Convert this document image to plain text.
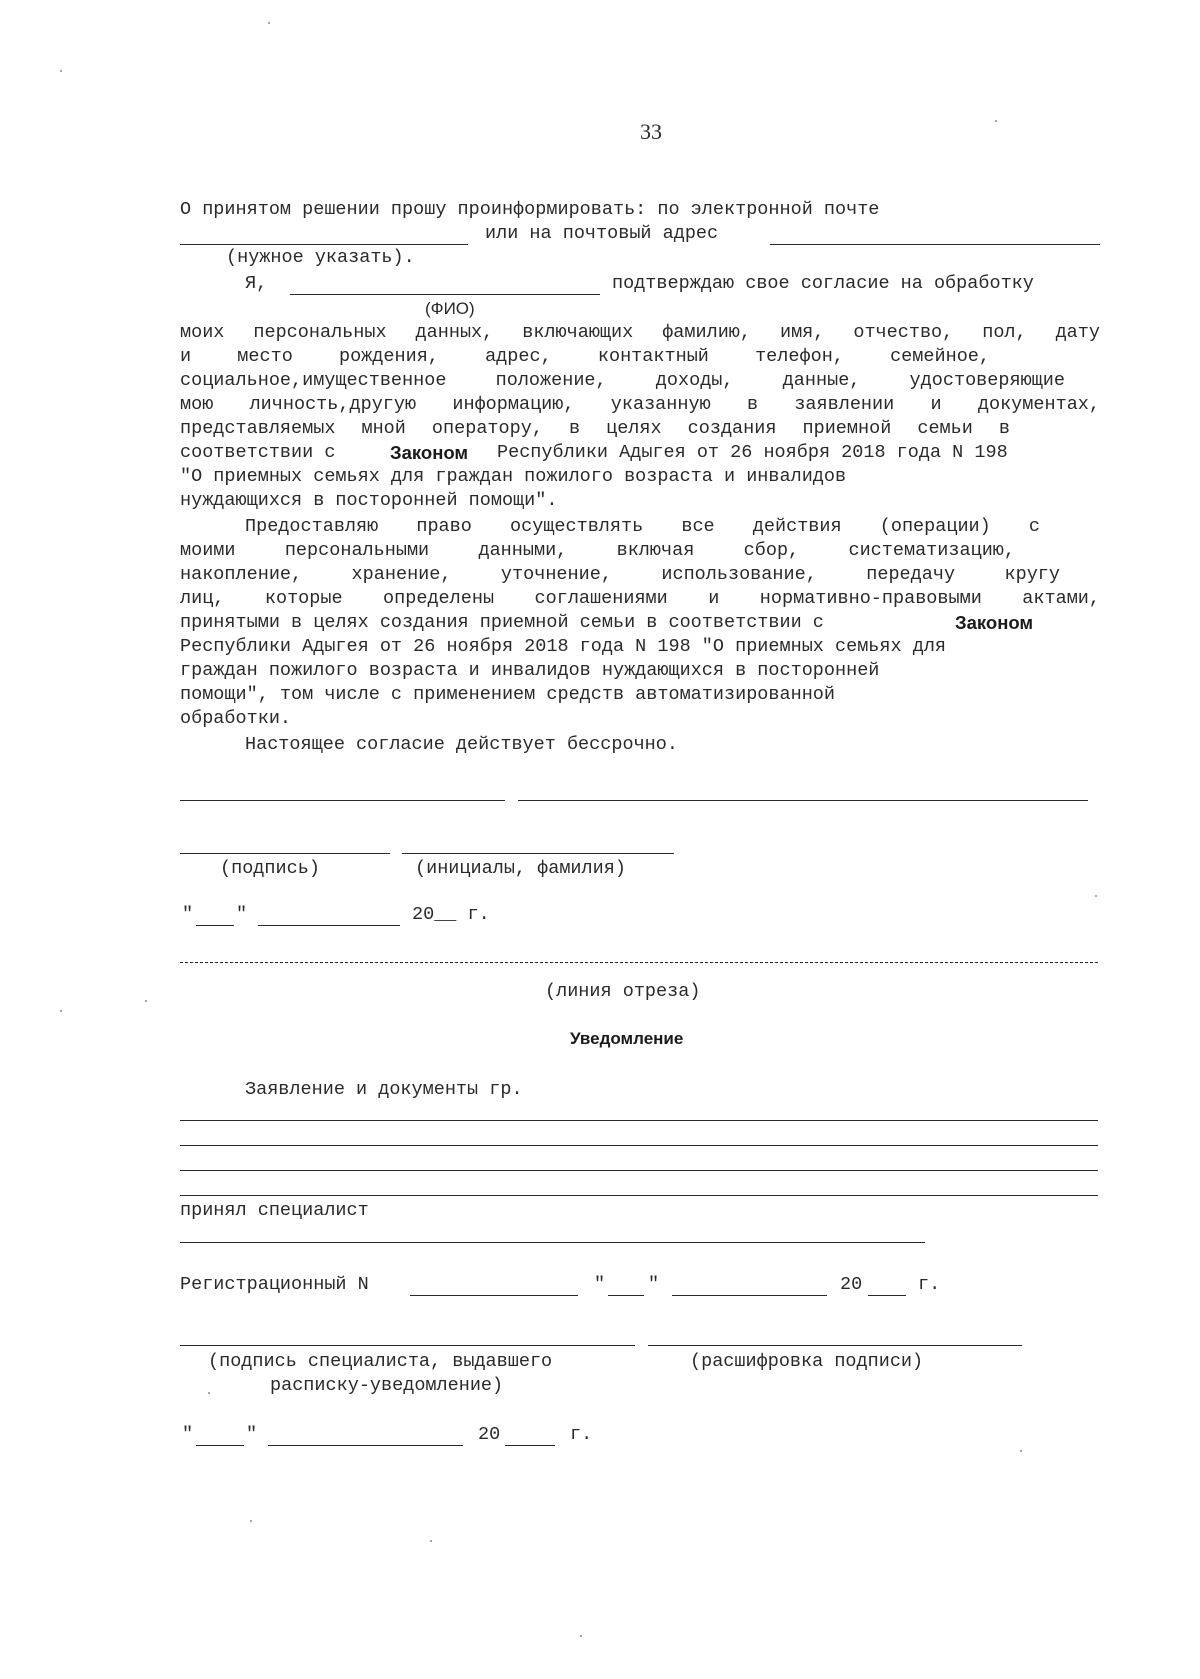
33
О принятом решении прошу проинформировать: по электронной почте
или на почтовый адрес
(нужное указать).
Я,	подтверждаю свое согласие на обработку
(ФИО)
моих персональных данных, включающих фамилию, имя, отчество, пол, дату
и место рождения, адрес, контактный телефон, семейное,
социальное,имущественное положение, доходы, данные, удостоверяющие
мою личность,другую информацию, указанную в заявлении и документах,
представляемых мной оператору, в целях создания приемной семьи в
соответствии с	Законом Республики Адыгея от 26 ноября 2018 года N 198
"О приемных семьях для граждан пожилого возраста и инвалидов
нуждающихся в посторонней помощи".
Предоставляю право осуществлять все действия (операции) с
моими персональными данными, включая сбор, систематизацию,
накопление, хранение, уточнение, использование, передачу кругу
лиц, которые определены соглашениями и нормативно-правовыми актами,
принятыми в целях создания приемной семьи в соответствии с	Законом
Республики Адыгея от 26 ноября 2018 года N 198 "О приемных семьях для
граждан пожилого возраста и инвалидов нуждающихся в посторонней
помощи", том числе с применением средств автоматизированной
обработки.
Настоящее согласие действует бессрочно.
(подпись)	(инициалы, фамилия)
" "	20__ г.
(линия отреза)
Уведомление
Заявление и документы гр.
принял специалист
Регистрационный N	" "	20	г.
(подпись специалиста, выдавшего
расписку-уведомление)
(расшифровка подписи)
"	"	20	г.
